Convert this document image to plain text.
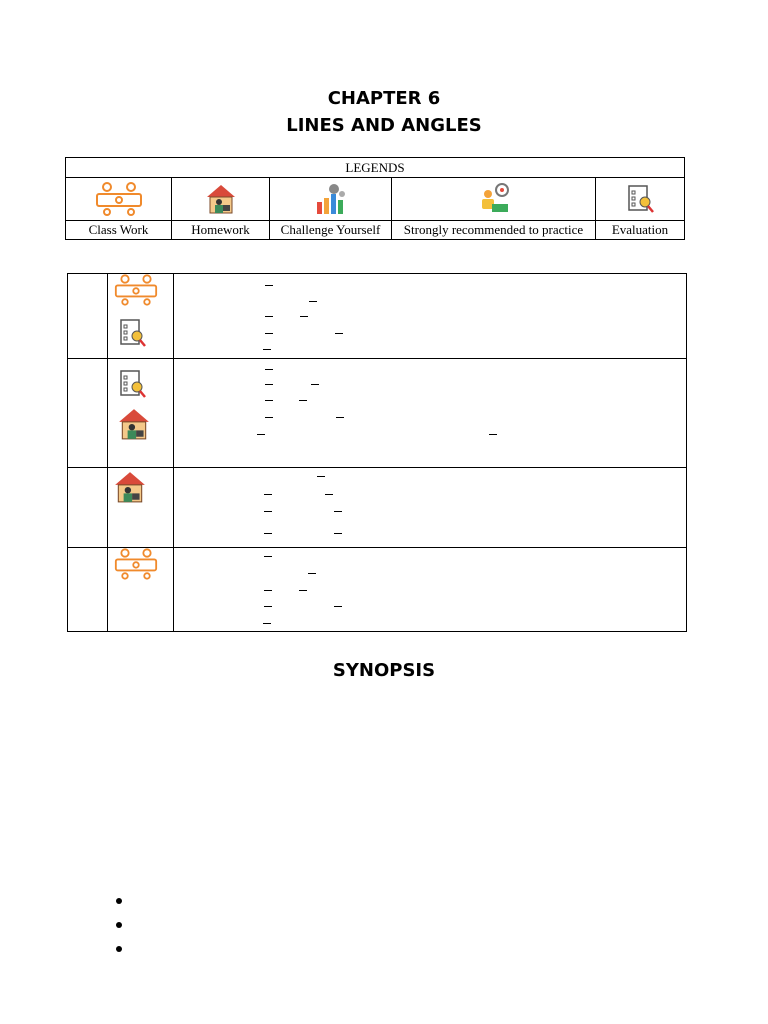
CHAPTER 6
LINES AND ANGLES
LEGENDS				

Class Work	Homework	Challenge Yourself	Strongly recommended to practice	Evaluation

SYNOPSIS
